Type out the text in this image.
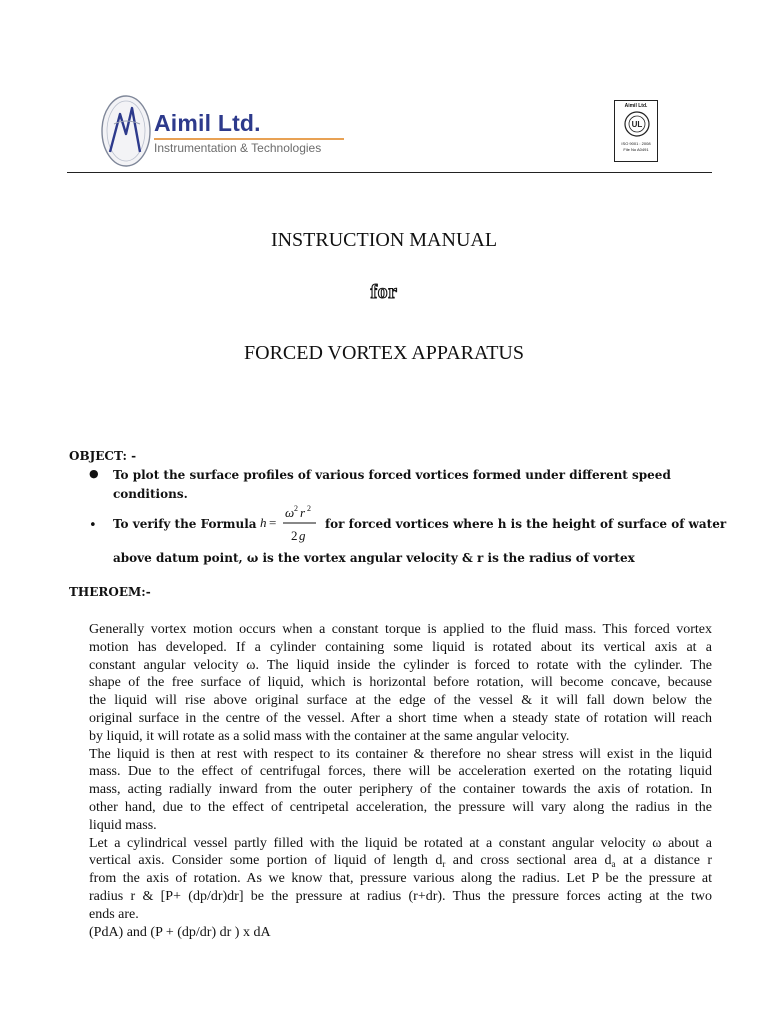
Aimil Ltd.
Instrumentation & Technologies
Aimil Ltd.
UL
ISO 9001 : 2008
File No A0491
INSTRUCTION MANUAL
for
FORCED VORTEX APPARATUS
OBJECT: -
● To plot the surface profiles of various forced vortices formed under different speed
conditions.
• To verify the Formula h =
ω 2 r 2
2 g
for forced vortices where h is the height of surface of water
above datum point, ω is the vortex angular velocity & r is the radius of vortex
THEROEM:-
Generally vortex motion occurs when a constant torque is applied to the fluid mass. This forced vortex
motion has developed. If a cylinder containing some liquid is rotated about its vertical axis at a
constant angular velocity ω. The liquid inside the cylinder is forced to rotate with the cylinder. The
shape of the free surface of liquid, which is horizontal before rotation, will become concave, because
the liquid will rise above original surface at the edge of the vessel & it will fall down below the
original surface in the centre of the vessel. After a short time when a steady state of rotation will reach
by liquid, it will rotate as a solid mass with the container at the same angular velocity.
The liquid is then at rest with respect to its container & therefore no shear stress will exist in the liquid
mass. Due to the effect of centrifugal forces, there will be acceleration exerted on the rotating liquid
mass, acting radially inward from the outer periphery of the container towards the axis of rotation. In
other hand, due to the effect of centripetal acceleration, the pressure will vary along the radius in the
liquid mass.
Let a cylindrical vessel partly filled with the liquid be rotated at a constant angular velocity ω about a
vertical axis. Consider some portion of liquid of length $d_r$ and cross sectional area $d_a$ at a distance r
from the axis of rotation. As we know that, pressure various along the radius. Let P be the pressure at
radius r & [P+ (dp/dr)dr] be the pressure at radius (r+dr). Thus the pressure forces acting at the two
ends are.
(PdA) and (P + (dp/dr) dr ) x dA
